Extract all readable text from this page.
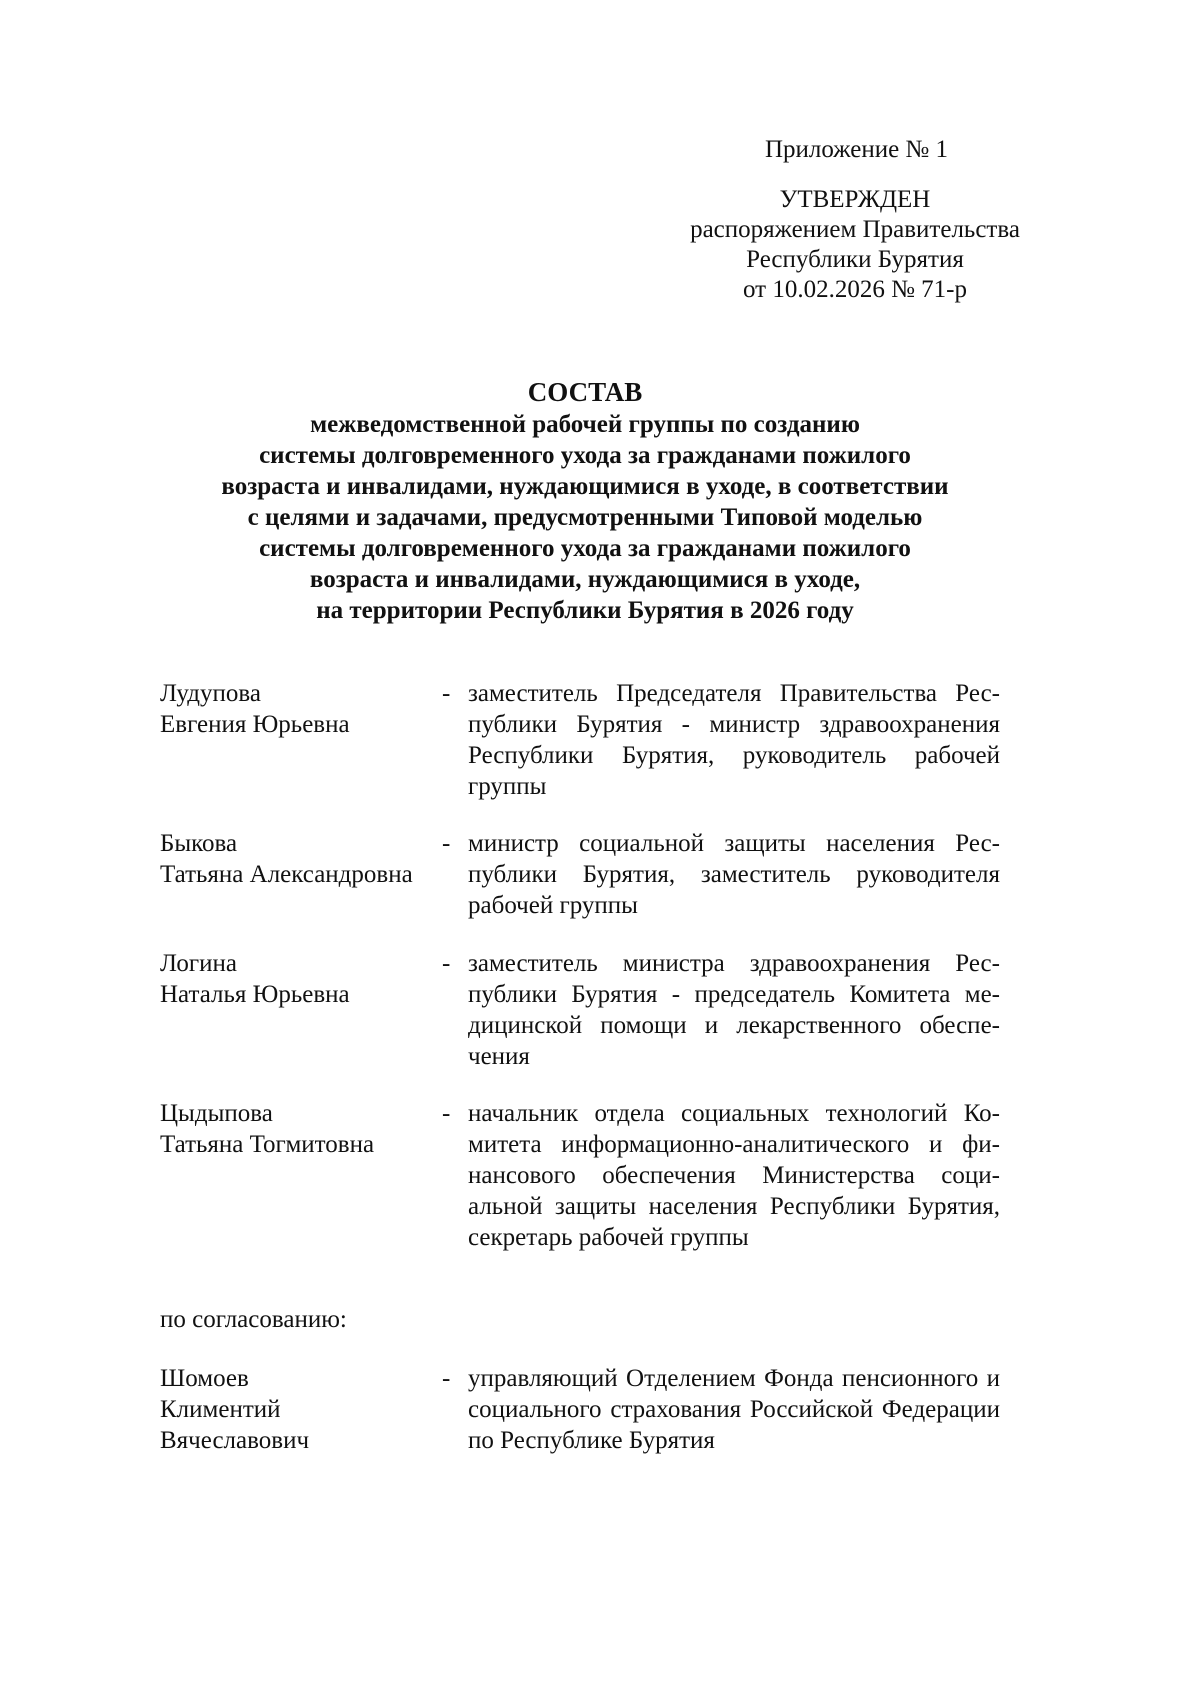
Приложение № 1
УТВЕРЖДЕН
распоряжением Правительства
Республики Бурятия
от 10.02.2026 № 71-р
СОСТАВ
межведомственной рабочей группы по созданию
системы долговременного ухода за гражданами пожилого
возраста и инвалидами, нуждающимися в уходе, в соответствии
с целями и задачами, предусмотренными Типовой моделью
системы долговременного ухода за гражданами пожилого
возраста и инвалидами, нуждающимися в уходе,
на территории Республики Бурятия в 2026 году
Лудупова
Евгения Юрьевна
- заместитель Председателя Правительства Республики Бурятия - министр здравоохранения Республики Бурятия, руководитель рабочей группы
Быкова
Татьяна Александровна
- министр социальной защиты населения Республики Бурятия, заместитель руководителя рабочей группы
Логина
Наталья Юрьевна
- заместитель министра здравоохранения Республики Бурятия - председатель Комитета медицинской помощи и лекарственного обеспечения
Цыдыпова
Татьяна Тогмитовна
- начальник отдела социальных технологий Комитета информационно-аналитического и финансового обеспечения Министерства социальной защиты населения Республики Бурятия, секретарь рабочей группы
по согласованию:
Шомоев
Климентий
Вячеславович
- управляющий Отделением Фонда пенсионного и социального страхования Российской Федерации по Республике Бурятия
